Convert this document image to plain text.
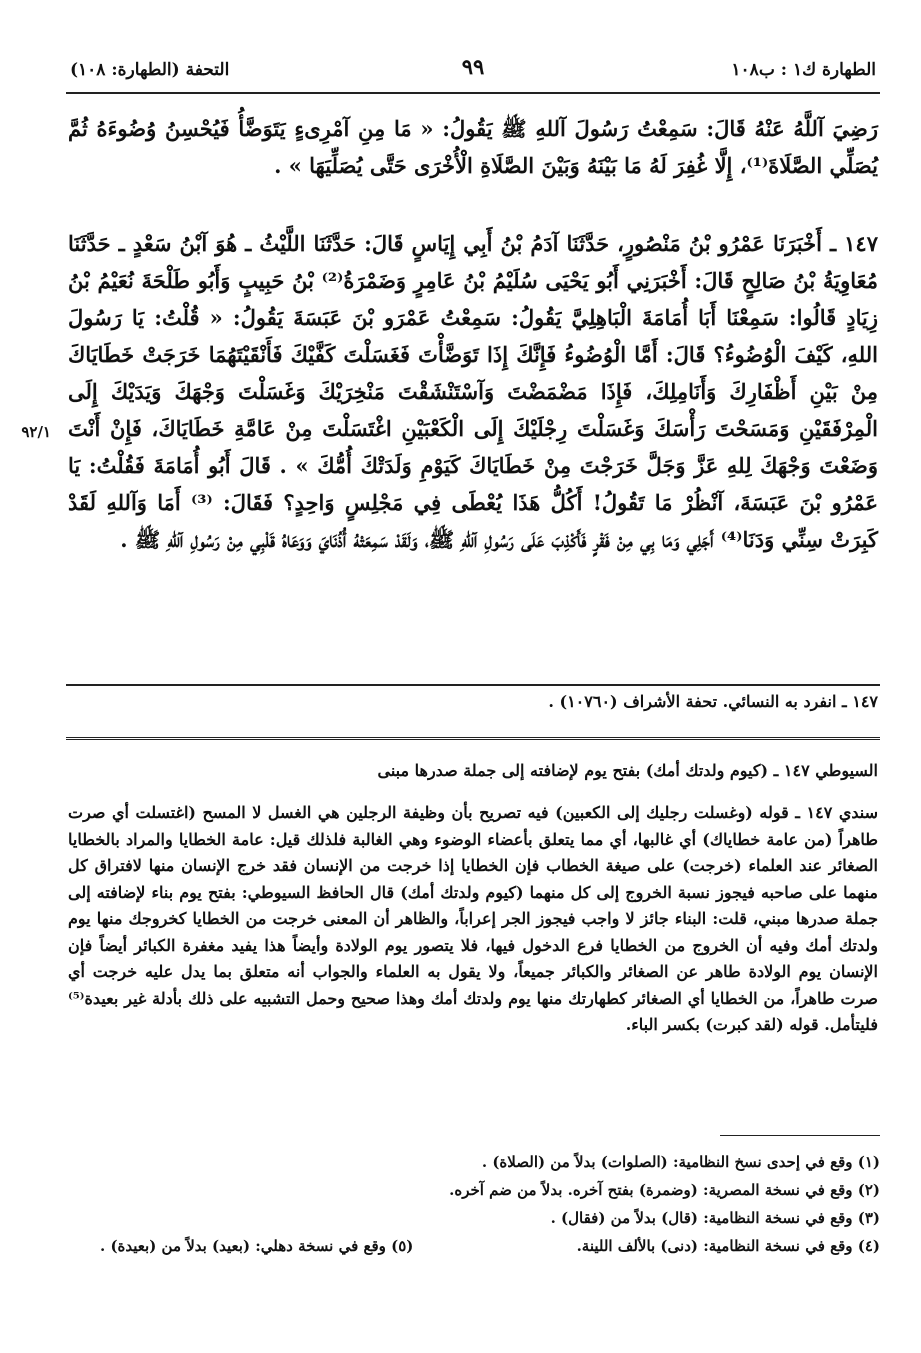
الطهارة ك١ : ب١٠٨
٩٩
التحفة (الطهارة: ١٠٨)
رَضِيَ آللَّهُ عَنْهُ قَالَ: سَمِعْتُ رَسُولَ آللهِ ﷺ يَقُولُ: « مَا مِنِ آمْرِىءٍ يَتَوَضَّأُ فَيُحْسِنُ وُضُوءَهُ ثُمَّ يُصَلِّي الصَّلَاةَ⁽¹⁾، إِلَّا غُفِرَ لَهُ مَا بَيْنَهُ وَبَيْنَ الصَّلَاةِ الْأُخْرَى حَتَّى يُصَلِّيَهَا » .
١٤٧ ـ أَخْبَرَنَا عَمْرُو بْنُ مَنْصُورٍ، حَدَّثَنَا آدَمُ بْنُ أَبِي إِيَاسٍ قَالَ: حَدَّثَنَا اللَّيْثُ ـ هُوَ آبْنُ سَعْدٍ ـ حَدَّثَنَا مُعَاوِيَةُ بْنُ صَالِحٍ قَالَ: أَخْبَرَنِي أَبُو يَحْيَى سُلَيْمُ بْنُ عَامِرٍ وَضَمْرَةُ⁽²⁾ بْنُ حَبِيبٍ وَأَبُو طَلْحَةَ نُعَيْمُ بْنُ زِيَادٍ قَالُوا: سَمِعْنَا أَبَا أُمَامَةَ الْبَاهِلِيَّ يَقُولُ: سَمِعْتُ عَمْرَو بْنَ عَبَسَةَ يَقُولُ: « قُلْتُ: يَا رَسُولَ اللهِ، كَيْفَ الْوُضُوءُ؟ قَالَ: أَمَّا الْوُضُوءُ فَإِنَّكَ إِذَا تَوَضَّأْتَ فَغَسَلْتَ كَفَّيْكَ فَأَنْقَيْتَهُمَا خَرَجَتْ خَطَايَاكَ مِنْ بَيْنِ أَظْفَارِكَ وَأَنَامِلِكَ، فَإِذَا مَضْمَضْتَ وَآسْتَنْشَقْتَ مَنْخِرَيْكَ وَغَسَلْتَ وَجْهَكَ وَيَدَيْكَ إِلَى الْمِرْفَقَيْنِ وَمَسَحْتَ رَأْسَكَ وَغَسَلْتَ رِجْلَيْكَ إِلَى الْكَعْبَيْنِ اغْتَسَلْتَ مِنْ عَامَّةِ خَطَايَاكَ، فَإِنْ أَنْتَ وَضَعْتَ وَجْهَكَ لِلهِ عَزَّ وَجَلَّ خَرَجْتَ مِنْ خَطَايَاكَ كَيَوْمِ وَلَدَتْكَ أُمُّكَ » . قَالَ أَبُو أُمَامَةَ فَقُلْتُ: يَا عَمْرُو بْنَ عَبَسَةَ، آنْظُرْ مَا تَقُولُ! أَكُلُّ هَذَا يُعْطَى فِي مَجْلِسٍ وَاحِدٍ؟ فَقَالَ: ⁽³⁾ أَمَا وَآللهِ لَقَدْ كَبِرَتْ سِنِّي وَدَنَا⁽⁴⁾ أَجَلِي وَمَا بِي مِنْ فَقْرٍ فَأَكْذِبَ عَلَى رَسُولِ آللهِ ﷺ، وَلَقَدْ سَمِعَتْهُ أُذُنَايَ وَوَعَاهُ قَلْبِي مِنْ رَسُولِ آللهِ ﷺ .
٩٢/١
١٤٧ ـ انفرد به النسائي. تحفة الأشراف (١٠٧٦٠) .
السيوطي ١٤٧ ـ (كيوم ولدتك أمك) بفتح يوم لإضافته إلى جملة صدرها مبنى
سندي ١٤٧ ـ قوله (وغسلت رجليك إلى الكعبين) فيه تصريح بأن وظيفة الرجلين هي الغسل لا المسح (اغتسلت أي صرت طاهراً (من عامة خطاياك) أي غالبها، أي مما يتعلق بأعضاء الوضوء وهي الغالبة فلذلك قيل: عامة الخطايا والمراد بالخطايا الصغائر عند العلماء (خرجت) على صيغة الخطاب فإن الخطايا إذا خرجت من الإنسان فقد خرج الإنسان منها لافتراق كل منهما على صاحبه فيجوز نسبة الخروج إلى كل منهما (كيوم ولدتك أمك) قال الحافظ السيوطي: بفتح يوم بناء لإضافته إلى جملة صدرها مبني، قلت: البناء جائز لا واجب فيجوز الجر إعراباً، والظاهر أن المعنى خرجت من الخطايا كخروجك منها يوم ولدتك أمك وفيه أن الخروج من الخطايا فرع الدخول فيها، فلا يتصور يوم الولادة وأيضاً هذا يفيد مغفرة الكبائر أيضاً فإن الإنسان يوم الولادة طاهر عن الصغائر والكبائر جميعاً، ولا يقول به العلماء والجواب أنه متعلق بما يدل عليه خرجت أي صرت طاهراً، من الخطايا أي الصغائر كطهارتك منها يوم ولدتك أمك وهذا صحيح وحمل التشبيه على ذلك بأدلة غير بعيدة⁽⁵⁾ فليتأمل. قوله (لقد كبرت) بكسر الباء.
(١) وقع في إحدى نسخ النظامية: (الصلوات) بدلاً من (الصلاة) .
(٢) وقع في نسخة المصرية: (وضمرة) بفتح آخره. بدلاً من ضم آخره.
(٣) وقع في نسخة النظامية: (قال) بدلاً من (فقال) .
(٤) وقع في نسخة النظامية: (دنى) بالألف اللينة.
(٥) وقع في نسخة دهلي: (بعيد) بدلاً من (بعيدة) .
